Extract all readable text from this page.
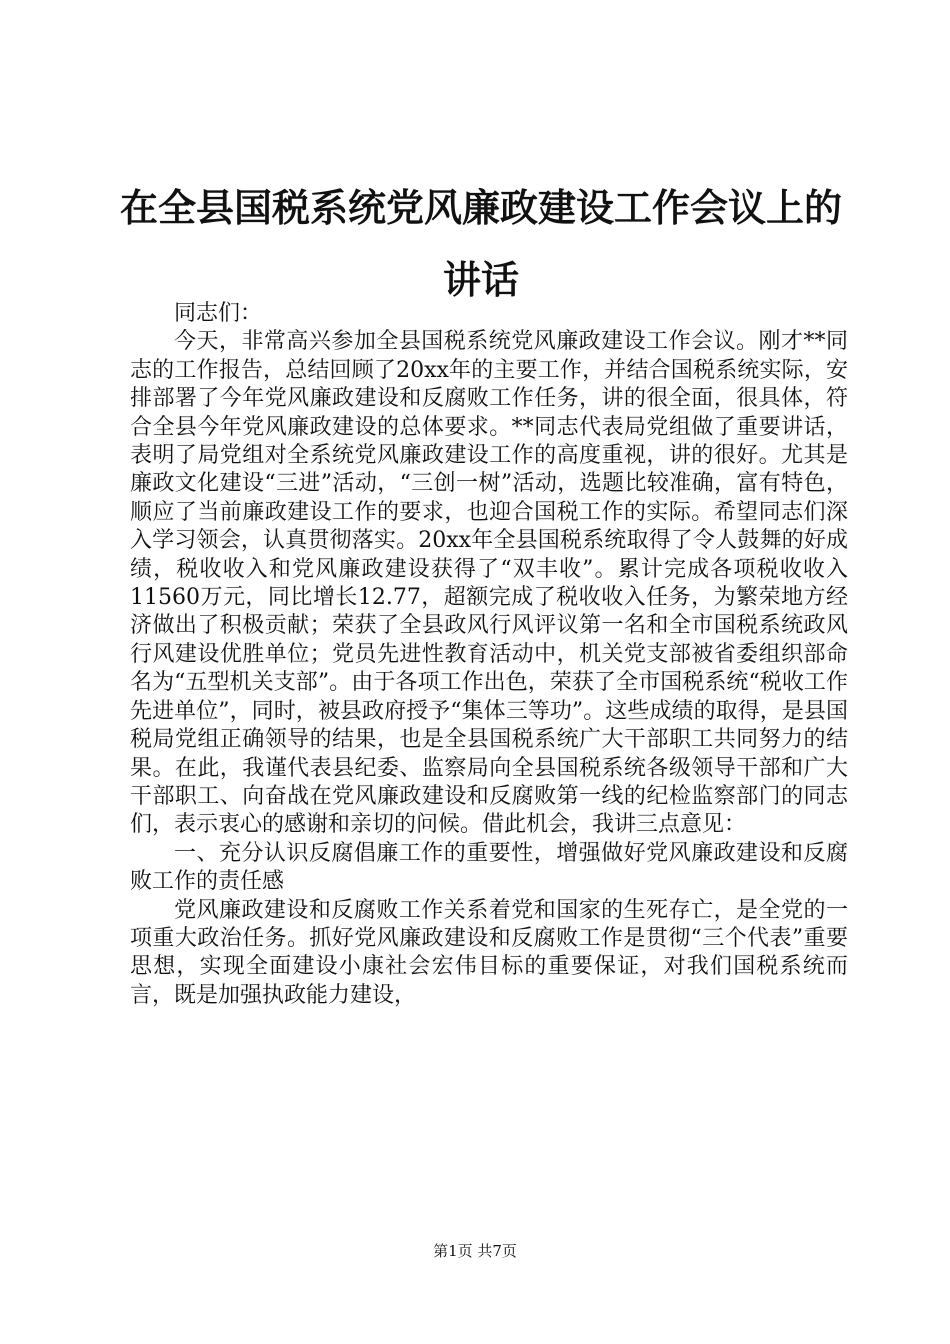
在全县国税系统党风廉政建设工作会议上的讲话

同志们：

今天，非常高兴参加全县国税系统党风廉政建设工作会议。刚才**同志的工作报告，总结回顾了20xx年的主要工作，并结合国税系统实际，安排部署了今年党风廉政建设和反腐败工作任务，讲的很全面，很具体，符合全县今年党风廉政建设的总体要求。**同志代表局党组做了重要讲话，表明了局党组对全系统党风廉政建设工作的高度重视，讲的很好。尤其是廉政文化建设“三进”活动，“三创一树”活动，选题比较准确，富有特色，顺应了当前廉政建设工作的要求，也迎合国税工作的实际。希望同志们深入学习领会，认真贯彻落实。20xx年全县国税系统取得了令人鼓舞的好成绩，税收收入和党风廉政建设获得了“双丰收”。累计完成各项税收收入11560万元，同比增长12.77，超额完成了税收收入任务，为繁荣地方经济做出了积极贡献；荣获了全县政风行风评议第一名和全市国税系统政风行风建设优胜单位；党员先进性教育活动中，机关党支部被省委组织部命名为“五型机关支部”。由于各项工作出色，荣获了全市国税系统“税收工作先进单位”，同时，被县政府授予“集体三等功”。这些成绩的取得，是县国税局党组正确领导的结果，也是全县国税系统广大干部职工共同努力的结果。在此，我谨代表县纪委、监察局向全县国税系统各级领导干部和广大干部职工、向奋战在党风廉政建设和反腐败第一线的纪检监察部门的同志们，表示衷心的感谢和亲切的问候。借此机会，我讲三点意见：

一、充分认识反腐倡廉工作的重要性，增强做好党风廉政建设和反腐败工作的责任感

党风廉政建设和反腐败工作关系着党和国家的生死存亡，是全党的一项重大政治任务。抓好党风廉政建设和反腐败工作是贯彻“三个代表”重要思想，实现全面建设小康社会宏伟目标的重要保证，对我们国税系统而言，既是加强执政能力建设，

第1页 共7页
